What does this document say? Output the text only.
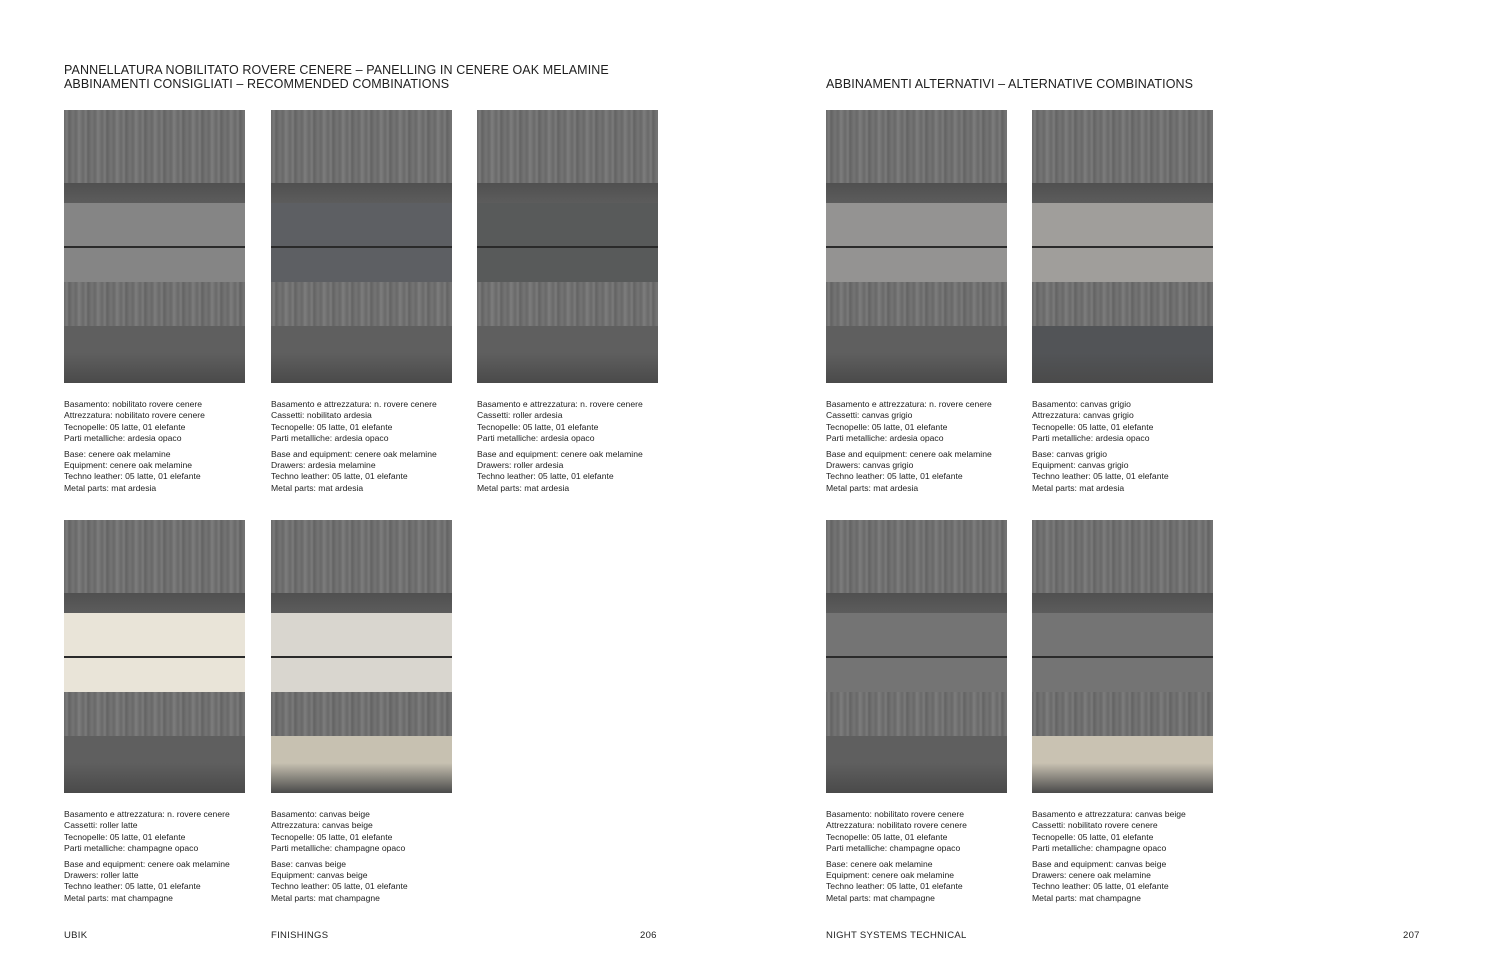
PANNELLATURA NOBILITATO ROVERE CENERE – PANELLING IN CENERE OAK MELAMINE
ABBINAMENTI CONSIGLIATI – RECOMMENDED COMBINATIONS	ABBINAMENTI ALTERNATIVI – ALTERNATIVE COMBINATIONS
Basamento: nobilitato rovere cenere
Attrezzatura: nobilitato rovere cenere
Tecnopelle: 05 latte, 01 elefante
Parti metalliche: ardesia opaco
Base: cenere oak melamine
Equipment: cenere oak melamine
Techno leather: 05 latte, 01 elefante
Metal parts: mat ardesia
Basamento e attrezzatura: n. rovere cenere
Cassetti: nobilitato ardesia
Tecnopelle: 05 latte, 01 elefante
Parti metalliche: ardesia opaco
Base and equipment: cenere oak melamine
Drawers: ardesia melamine
Techno leather: 05 latte, 01 elefante
Metal parts: mat ardesia
Basamento e attrezzatura: n. rovere cenere
Cassetti: roller ardesia
Tecnopelle: 05 latte, 01 elefante
Parti metalliche: ardesia opaco
Base and equipment: cenere oak melamine
Drawers: roller ardesia
Techno leather: 05 latte, 01 elefante
Metal parts: mat ardesia
Basamento e attrezzatura: n. rovere cenere
Cassetti: roller latte
Tecnopelle: 05 latte, 01 elefante
Parti metalliche: champagne opaco
Base and equipment: cenere oak melamine
Drawers: roller latte
Techno leather: 05 latte, 01 elefante
Metal parts: mat champagne
Basamento: canvas beige
Attrezzatura: canvas beige
Tecnopelle: 05 latte, 01 elefante
Parti metalliche: champagne opaco
Base: canvas beige
Equipment: canvas beige
Techno leather: 05 latte, 01 elefante
Metal parts: mat champagne
Basamento e attrezzatura: n. rovere cenere
Cassetti: canvas grigio
Tecnopelle: 05 latte, 01 elefante
Parti metalliche: ardesia opaco
Base and equipment: cenere oak melamine
Drawers: canvas grigio
Techno leather: 05 latte, 01 elefante
Metal parts: mat ardesia
Basamento: canvas grigio
Attrezzatura: canvas grigio
Tecnopelle: 05 latte, 01 elefante
Parti metalliche: ardesia opaco
Base: canvas grigio
Equipment: canvas grigio
Techno leather: 05 latte, 01 elefante
Metal parts: mat ardesia
Basamento: nobilitato rovere cenere
Attrezzatura: nobilitato rovere cenere
Tecnopelle: 05 latte, 01 elefante
Parti metalliche: champagne opaco
Base: cenere oak melamine
Equipment: cenere oak melamine
Techno leather: 05 latte, 01 elefante
Metal parts: mat champagne
Basamento e attrezzatura: canvas beige
Cassetti: nobilitato rovere cenere
Tecnopelle: 05 latte, 01 elefante
Parti metalliche: champagne opaco
Base and equipment: canvas beige
Drawers: cenere oak melamine
Techno leather: 05 latte, 01 elefante
Metal parts: mat champagne
UBIK	FINISHINGS	206	NIGHT SYSTEMS TECHNICAL	207
